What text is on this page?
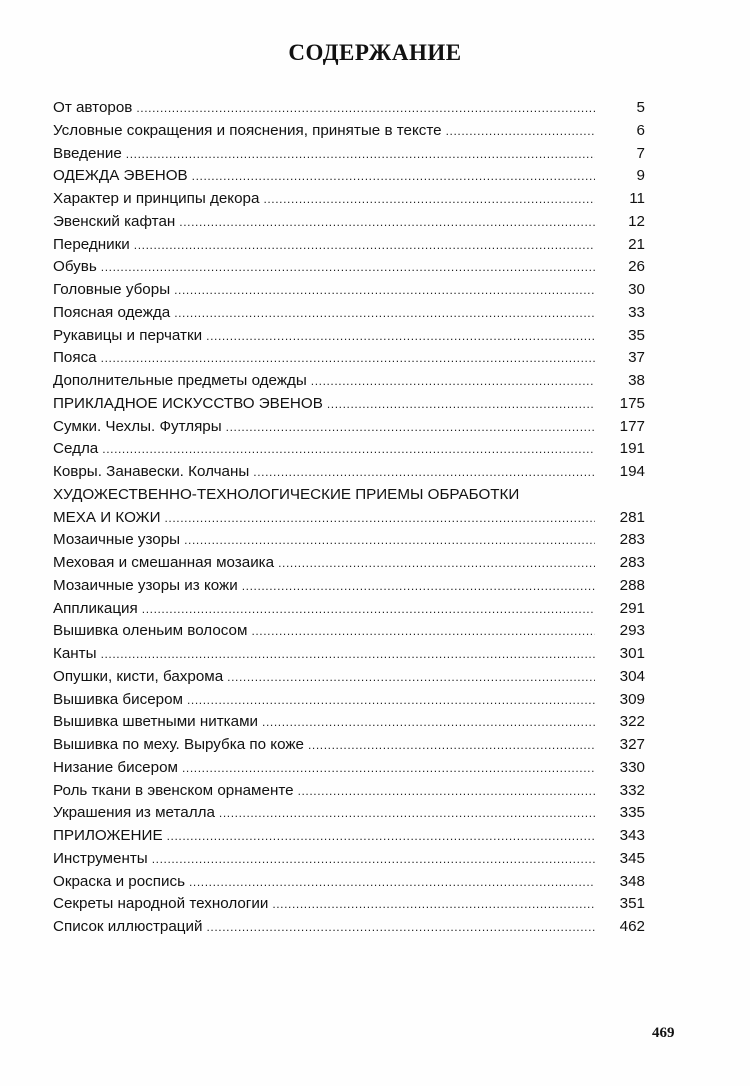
СОДЕРЖАНИЕ
От авторов .....	5
Условные сокращения и пояснения, принятые в тексте .....	6
Введение .....	7
ОДЕЖДА ЭВЕНОВ .....	9
Характер и принципы декора .....	11
Эвенский кафтан .....	12
Передники .....	21
Обувь .....	26
Головные уборы .....	30
Поясная одежда .....	33
Рукавицы и перчатки .....	35
Пояса .....	37
Дополнительные предметы одежды .....	38
ПРИКЛАДНОЕ ИСКУССТВО ЭВЕНОВ .....	175
Сумки. Чехлы. Футляры .....	177
Седла .....	191
Ковры. Занавески. Колчаны .....	194
ХУДОЖЕСТВЕННО-ТЕХНОЛОГИЧЕСКИЕ ПРИЕМЫ ОБРАБОТКИ
МЕХА И КОЖИ .....	281
Мозаичные узоры .....	283
Меховая и смешанная мозаика .....	283
Мозаичные узоры из кожи .....	288
Аппликация .....	291
Вышивка оленьим волосом .....	293
Канты .....	301
Опушки, кисти, бахрома .....	304
Вышивка бисером .....	309
Вышивка шветными нитками .....	322
Вышивка по меху. Вырубка по коже .....	327
Низание бисером .....	330
Роль ткани в эвенском орнаменте .....	332
Украшения из металла .....	335
ПРИЛОЖЕНИЕ .....	343
Инструменты .....	345
Окраска и роспись .....	348
Секреты народной технологии .....	351
Список иллюстраций .....	462
469
